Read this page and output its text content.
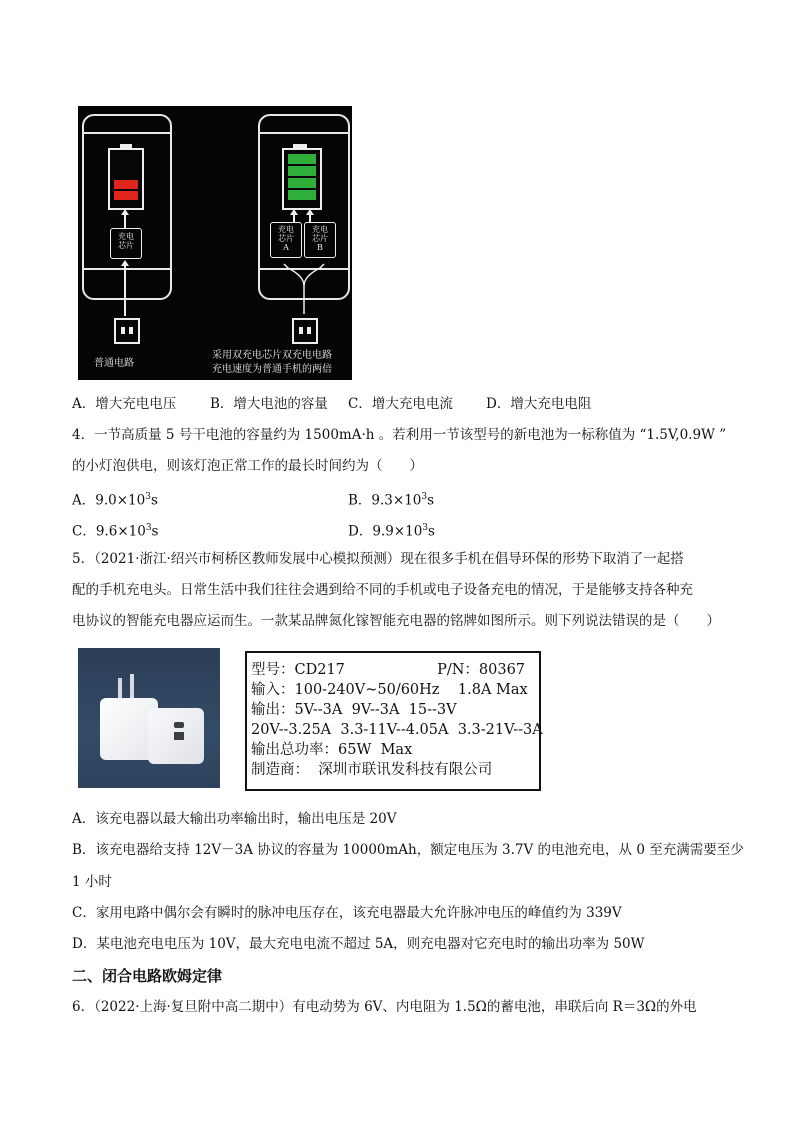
充电
芯片
充电
芯片
A
充电
芯片
B
普通电路
采用双充电芯片双充电电路
充电速度为普通手机的两倍
A．增大充电电压	B．增大电池的容量 C．增大充电电流 D．增大充电电阻
4．一节高质量 5 号干电池的容量约为 1500mA·h 。若利用一节该型号的新电池为一标称值为 “1.5V,0.9W ”
的小灯泡供电，则该灯泡正常工作的最长时间约为（　　）
A．$9.0\times 10^3s$	B．$9.3\times 10^3s$
C．$9.6\times 10^3s$	D．$9.9\times 10^3s$
5．（2021·浙江·绍兴市柯桥区教师发展中心模拟预测）现在很多手机在倡导环保的形势下取消了一起搭
配的手机充电头。日常生活中我们往往会遇到给不同的手机或电子设备充电的情况，于是能够支持各种充
电协议的智能充电器应运而生。一款某品牌氮化镓智能充电器的铭牌如图所示。则下列说法错误的是（　　）
型号：CD217                    P/N：80367
输入：100-240V~50/60Hz    1.8A Max
输出：5V--3A  9V--3A  15--3V
20V--3.25A  3.3-11V--4.05A  3.3-21V--3A
输出总功率：65W  Max
制造商：  深圳市联讯发科技有限公司
A．该充电器以最大输出功率输出时，输出电压是 20V
B．该充电器给支持 12V－3A 协议的容量为 10000mAh，额定电压为 3.7V 的电池充电，从 0 至充满需要至少
1 小时
C．家用电路中偶尔会有瞬时的脉冲电压存在，该充电器最大允许脉冲电压的峰值约为 339V
D．某电池充电电压为 10V，最大充电电流不超过 5A，则充电器对它充电时的输出功率为 50W
二、闭合电路欧姆定律
6．（2022·上海·复旦附中高二期中）有电动势为 6V、内电阻为 1.5Ω的蓄电池，串联后向 R＝3Ω的外电
